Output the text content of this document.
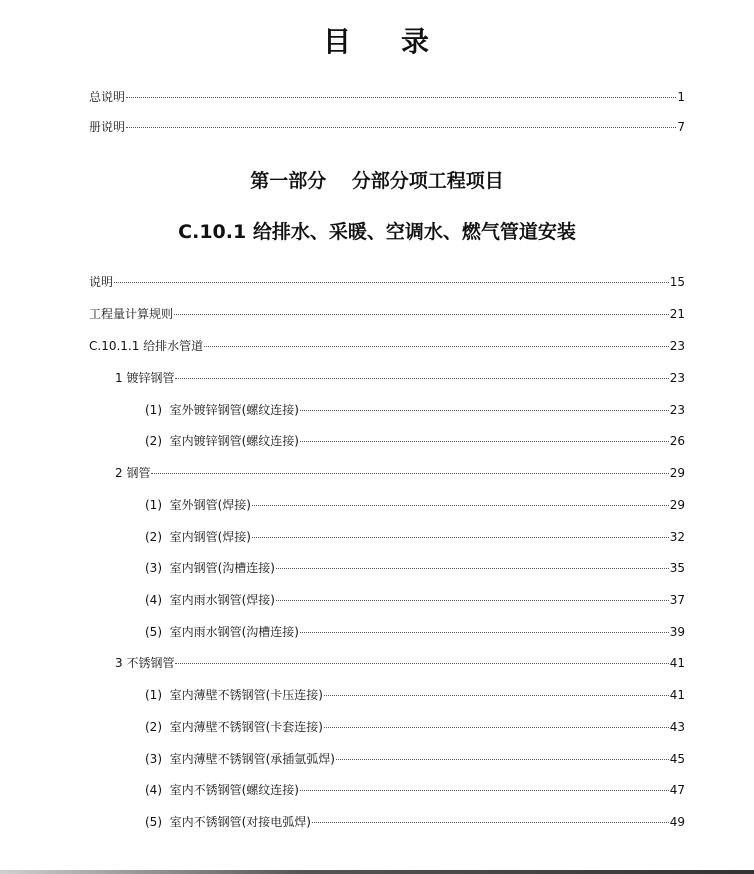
目 录
总说明	1
册说明	7
第一部分　 分部分项工程项目
C.10.1 给排水、采暖、空调水、燃气管道安装
说明	15
工程量计算规则	21
C.10.1.1 给排水管道	23
1 镀锌钢管	23
(1)  室外镀锌钢管(螺纹连接)	23
(2)  室内镀锌钢管(螺纹连接)	26
2 钢管	29
(1)  室外钢管(焊接)	29
(2)  室内钢管(焊接)	32
(3)  室内钢管(沟槽连接)	35
(4)  室内雨水钢管(焊接)	37
(5)  室内雨水钢管(沟槽连接)	39
3 不锈钢管	41
(1)  室内薄壁不锈钢管(卡压连接)	41
(2)  室内薄壁不锈钢管(卡套连接)	43
(3)  室内薄壁不锈钢管(承插氩弧焊)	45
(4)  室内不锈钢管(螺纹连接)	47
(5)  室内不锈钢管(对接电弧焊)	49
